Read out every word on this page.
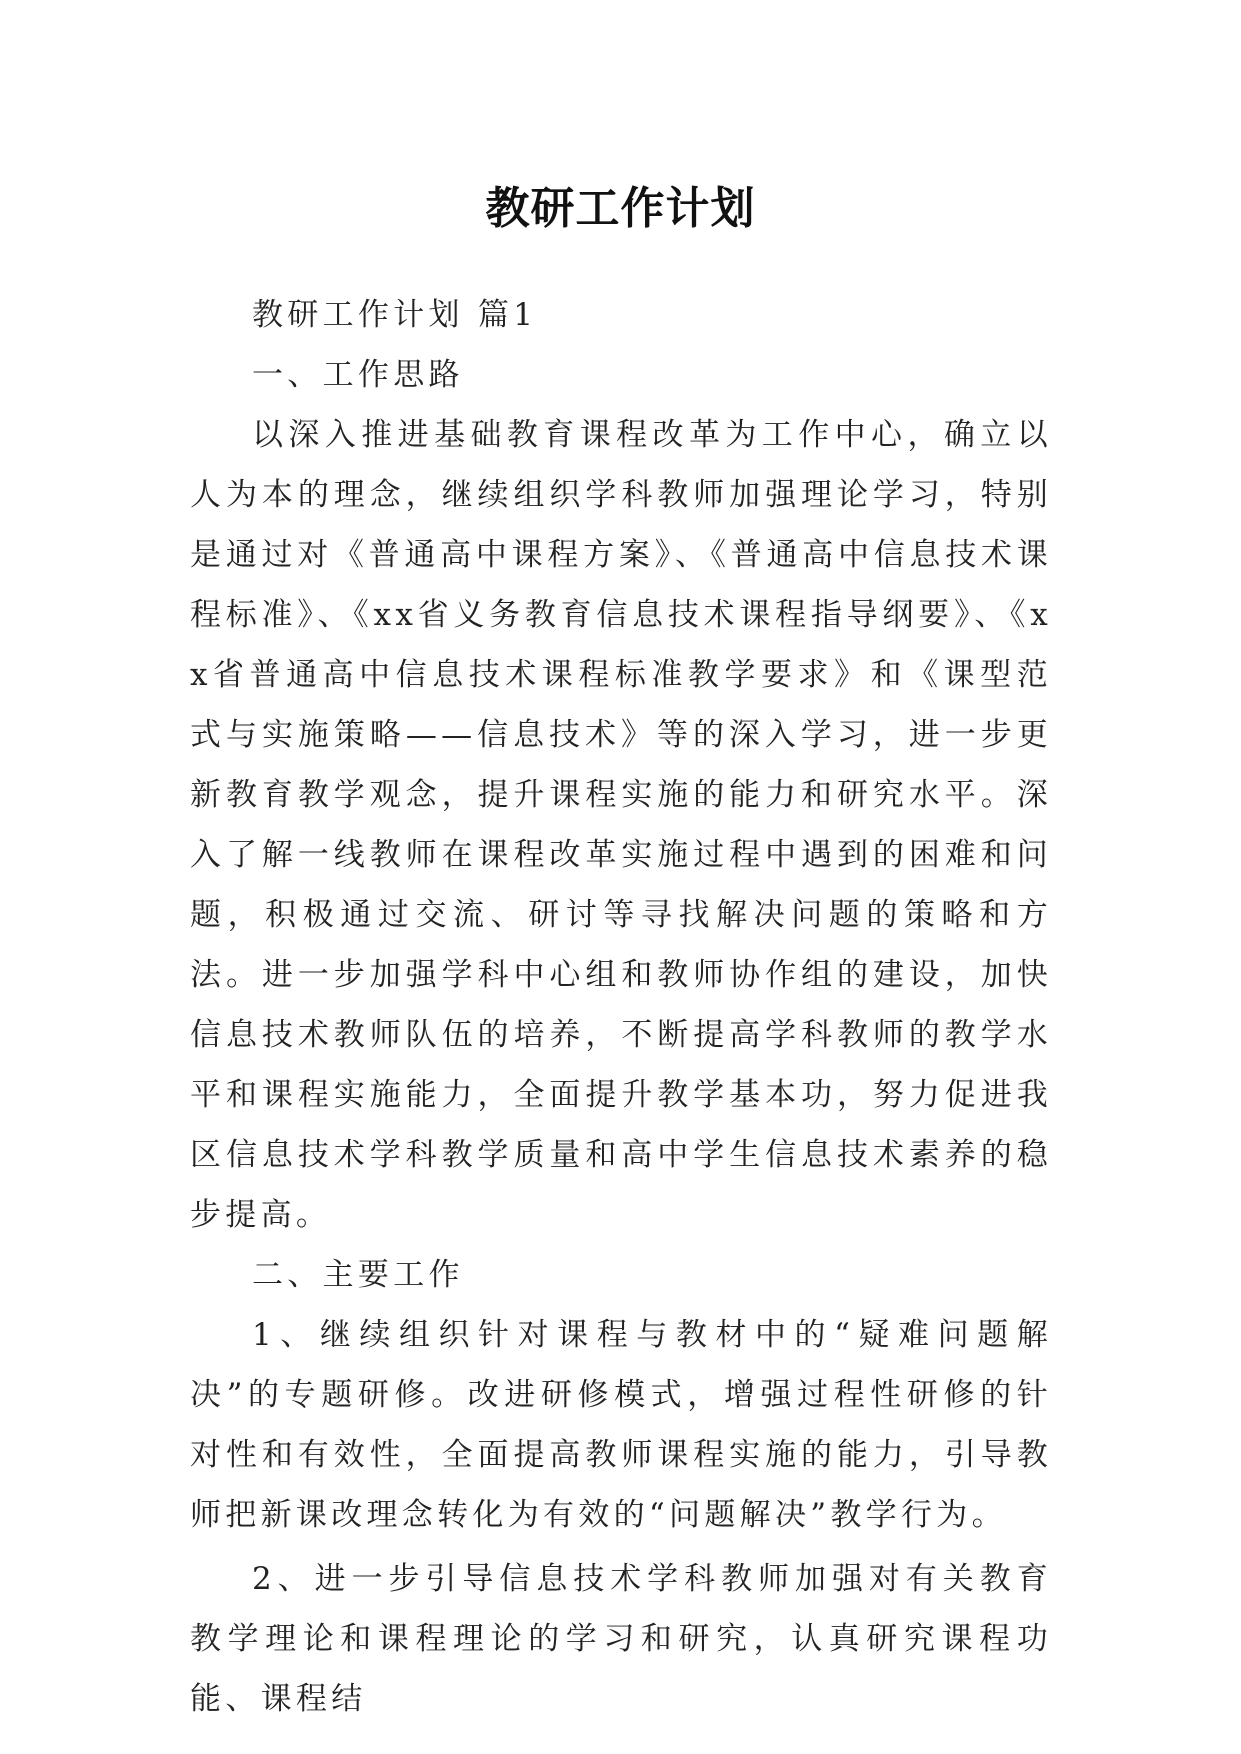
教研工作计划

教研工作计划 篇1

一、工作思路

以深入推进基础教育课程改革为工作中心，确立以人为本的理念，继续组织学科教师加强理论学习，特别是通过对《普通高中课程方案》、《普通高中信息技术课程标准》、《xx省义务教育信息技术课程指导纲要》、《xx省普通高中信息技术课程标准教学要求》和《课型范式与实施策略——信息技术》等的深入学习，进一步更新教育教学观念，提升课程实施的能力和研究水平。深入了解一线教师在课程改革实施过程中遇到的困难和问题，积极通过交流、研讨等寻找解决问题的策略和方法。进一步加强学科中心组和教师协作组的建设，加快信息技术教师队伍的培养，不断提高学科教师的教学水平和课程实施能力，全面提升教学基本功，努力促进我区信息技术学科教学质量和高中学生信息技术素养的稳步提高。

二、主要工作

1、继续组织针对课程与教材中的“疑难问题解决”的专题研修。改进研修模式，增强过程性研修的针对性和有效性，全面提高教师课程实施的能力，引导教师把新课改理念转化为有效的“问题解决”教学行为。

2、进一步引导信息技术学科教师加强对有关教育教学理论和课程理论的学习和研究，认真研究课程功能、课程结
